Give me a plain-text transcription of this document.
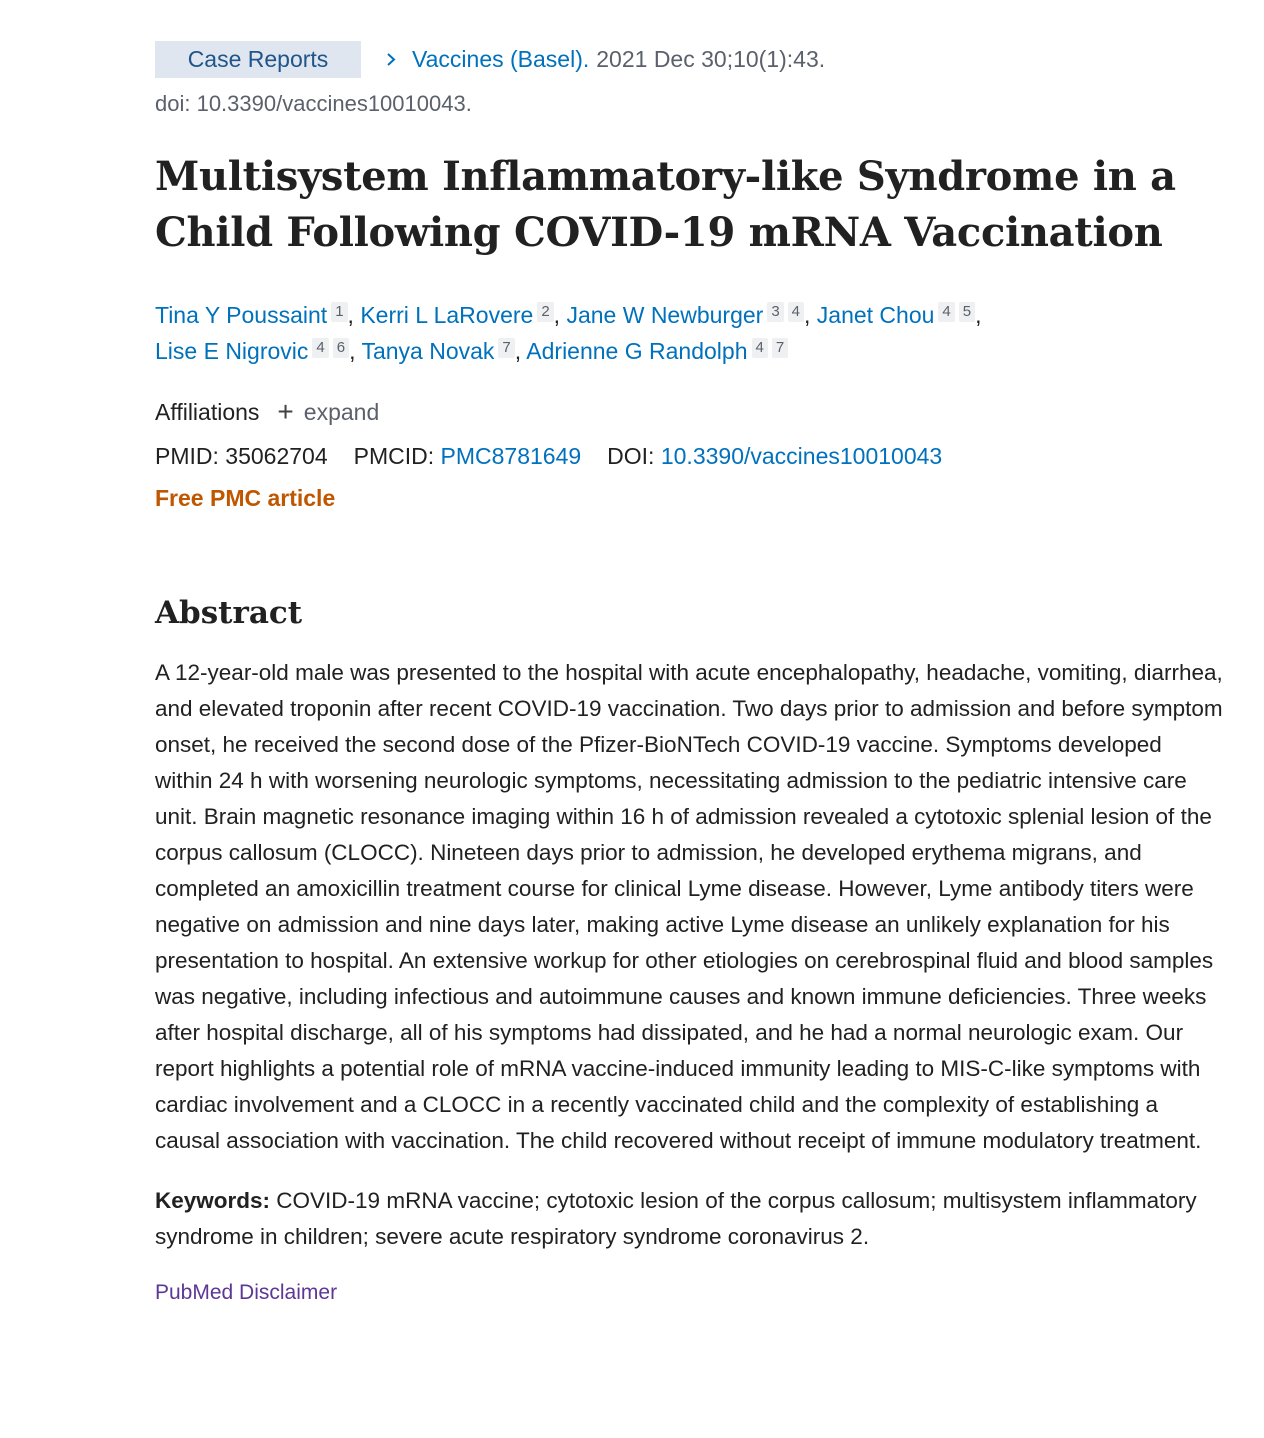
Case Reports	Vaccines (Basel). 2021 Dec 30;10(1):43.
doi: 10.3390/vaccines10010043.
Multisystem Inflammatory-like Syndrome in a Child Following COVID-19 mRNA Vaccination
Tina Y Poussaint 1 , Kerri L LaRovere 2 , Jane W Newburger 3 4 , Janet Chou 4 5 ,
Lise E Nigrovic 4 6 , Tanya Novak 7 , Adrienne G Randolph 4 7
Affiliations + expand
PMID:
35062704 PMCID:
PMC8781649 DOI:
10.3390/vaccines10010043
Free PMC article
Abstract
A 12-year-old male was presented to the hospital with acute encephalopathy, headache, vomiting, diarrhea, and elevated troponin after recent COVID-19 vaccination. Two days prior to admission and before symptom onset, he received the second dose of the Pfizer-BioNTech COVID-19 vaccine. Symptoms developed within 24 h with worsening neurologic symptoms, necessitating admission to the pediatric intensive care unit. Brain magnetic resonance imaging within 16 h of admission revealed a cytotoxic splenial lesion of the corpus callosum (CLOCC). Nineteen days prior to admission, he developed erythema migrans, and completed an amoxicillin treatment course for clinical Lyme disease. However, Lyme antibody titers were negative on admission and nine days later, making active Lyme disease an unlikely explanation for his presentation to hospital. An extensive workup for other etiologies on cerebrospinal fluid and blood samples was negative, including infectious and autoimmune causes and known immune deficiencies. Three weeks after hospital discharge, all of his symptoms had dissipated, and he had a normal neurologic exam. Our report highlights a potential role of mRNA vaccine-induced immunity leading to MIS-C-like symptoms with cardiac involvement and a CLOCC in a recently vaccinated child and the complexity of establishing a causal association with vaccination. The child recovered without receipt of immune modulatory treatment.
Keywords: COVID-19 mRNA vaccine; cytotoxic lesion of the corpus callosum; multisystem inflammatory syndrome in children; severe acute respiratory syndrome coronavirus 2.
PubMed Disclaimer
